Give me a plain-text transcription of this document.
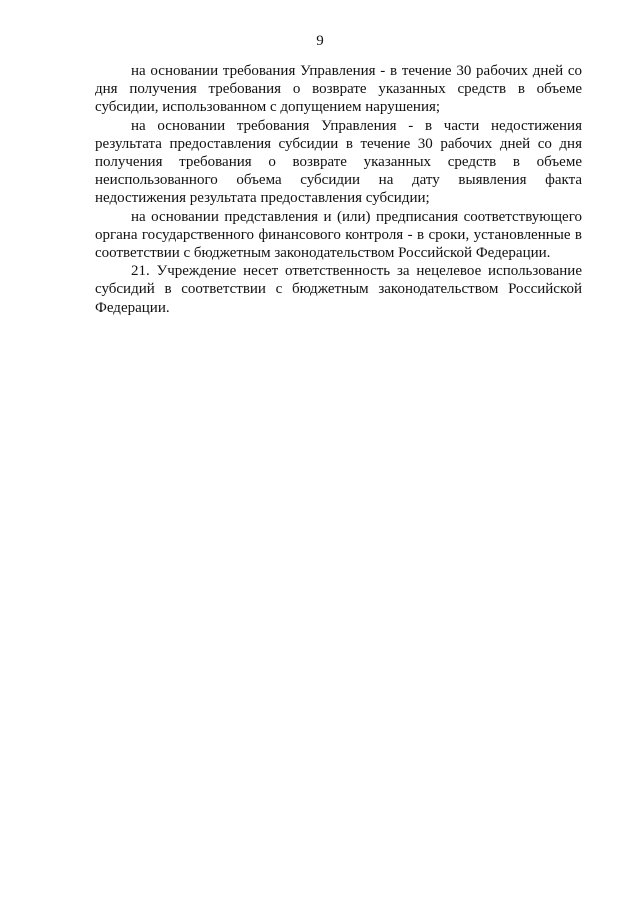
9

на основании требования Управления - в течение 30 рабочих дней со дня получения требования о возврате указанных средств в объеме субсидии, использованном с допущением нарушения;

на основании требования Управления - в части недостижения результата предоставления субсидии в течение 30 рабочих дней со дня получения требования о возврате указанных средств в объеме неиспользованного объема субсидии на дату выявления факта недостижения результата предоставления субсидии;

на основании представления и (или) предписания соответствующего органа государственного финансового контроля - в сроки, установленные в соответствии с бюджетным законодательством Российской Федерации.

21. Учреждение несет ответственность за нецелевое использование субсидий в соответствии с бюджетным законодательством Российской Федерации.
